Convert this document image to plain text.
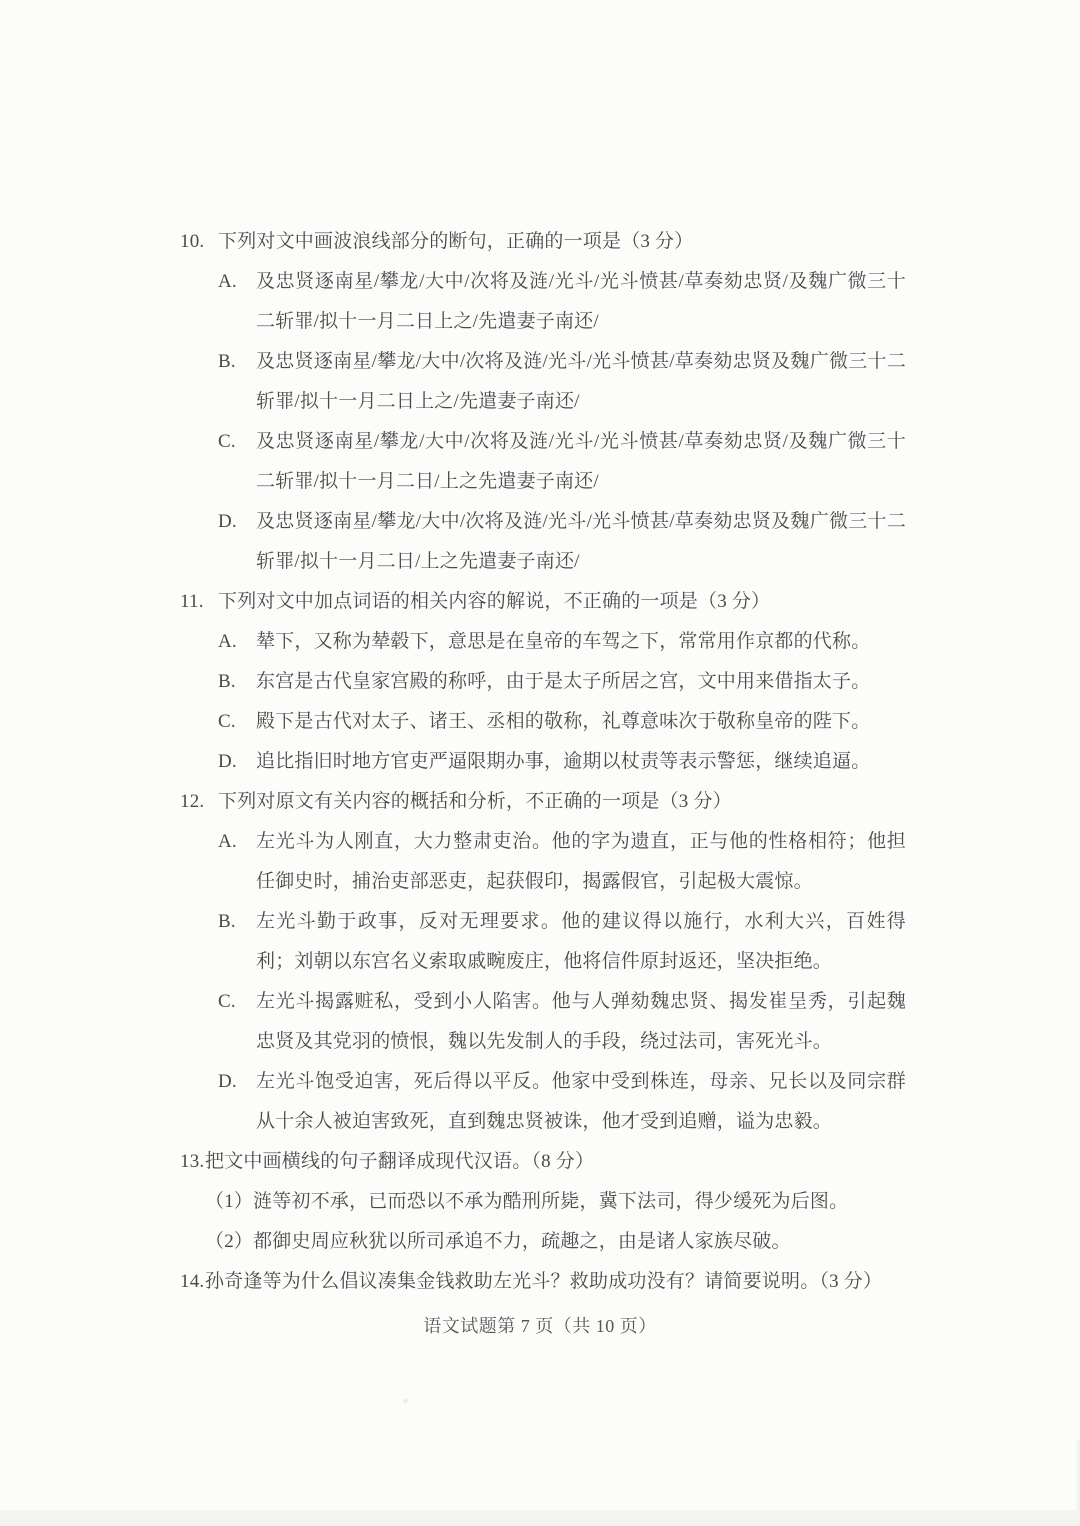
10. 下列对文中画波浪线部分的断句，正确的一项是（3 分）
A.	及忠贤逐南星/攀龙/大中/次将及涟/光斗/光斗愤甚/草奏劾忠贤/及魏广微三十二斩罪/拟十一月二日上之/先遣妻子南还/
B.	及忠贤逐南星/攀龙/大中/次将及涟/光斗/光斗愤甚/草奏劾忠贤及魏广微三十二斩罪/拟十一月二日上之/先遣妻子南还/
C.	及忠贤逐南星/攀龙/大中/次将及涟/光斗/光斗愤甚/草奏劾忠贤/及魏广微三十二斩罪/拟十一月二日/上之先遣妻子南还/
D.	及忠贤逐南星/攀龙/大中/次将及涟/光斗/光斗愤甚/草奏劾忠贤及魏广微三十二斩罪/拟十一月二日/上之先遣妻子南还/
11. 下列对文中加点词语的相关内容的解说，不正确的一项是（3 分）
A.	辇下，又称为辇毂下，意思是在皇帝的车驾之下，常常用作京都的代称。
B.	东宫是古代皇家宫殿的称呼，由于是太子所居之宫，文中用来借指太子。
C.	殿下是古代对太子、诸王、丞相的敬称，礼尊意味次于敬称皇帝的陛下。
D.	追比指旧时地方官吏严逼限期办事，逾期以杖责等表示警惩，继续追逼。
12. 下列对原文有关内容的概括和分析，不正确的一项是（3 分）
A.	左光斗为人刚直，大力整肃吏治。他的字为遗直，正与他的性格相符；他担任御史时，捕治吏部恶吏，起获假印，揭露假官，引起极大震惊。
B.	左光斗勤于政事，反对无理要求。他的建议得以施行，水利大兴，百姓得利；刘朝以东宫名义索取戚畹废庄，他将信件原封返还，坚决拒绝。
C.	左光斗揭露赃私，受到小人陷害。他与人弹劾魏忠贤、揭发崔呈秀，引起魏忠贤及其党羽的愤恨，魏以先发制人的手段，绕过法司，害死光斗。
D.	左光斗饱受迫害，死后得以平反。他家中受到株连，母亲、兄长以及同宗群从十余人被迫害致死，直到魏忠贤被诛，他才受到追赠，谥为忠毅。
13. 把文中画横线的句子翻译成现代汉语。（8 分）
（1）涟等初不承，已而恐以不承为酷刑所毙，冀下法司，得少缓死为后图。
（2）都御史周应秋犹以所司承追不力，疏趣之，由是诸人家族尽破。
14. 孙奇逢等为什么倡议凑集金钱救助左光斗？救助成功没有？请简要说明。（3 分）
语文试题第 7 页（共 10 页）
